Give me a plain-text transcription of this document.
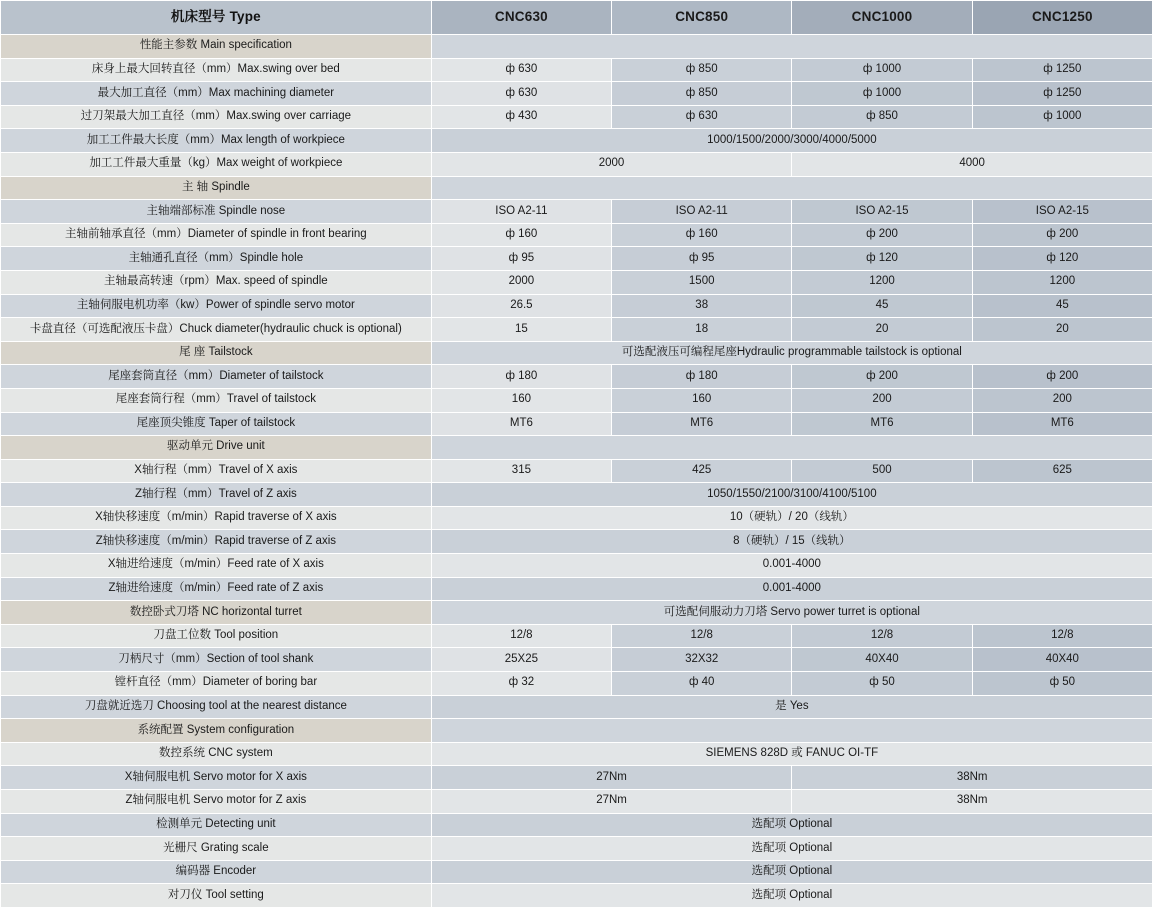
机床型号 Type	CNC630	CNC850	CNC1000	CNC1250
性能主参数 Main specification				

床身上最大回转直径（mm）Max.swing over bed	ф 630	ф 850	ф 1000	ф 1250

最大加工直径（mm）Max machining diameter	ф 630	ф 850	ф 1000	ф 1250

过刀架最大加工直径（mm）Max.swing over carriage	ф 430	ф 630	ф 850	ф 1000

加工工件最大长度（mm）Max length of workpiece	1000/1500/2000/3000/4000/5000			

加工工件最大重量（kg）Max weight of workpiece	2000		4000	
主 轴 Spindle				

主轴端部标准 Spindle nose	ISO A2-11	ISO A2-11	ISO A2-15	ISO A2-15

主轴前轴承直径（mm）Diameter of spindle in front bearing	ф 160	ф 160	ф 200	ф 200

主轴通孔直径（mm）Spindle hole	ф 95	ф 95	ф 120	ф 120

主轴最高转速（rpm）Max. speed of spindle	2000	1500	1200	1200

主轴伺服电机功率（kw）Power of spindle servo motor	26.5	38	45	45

卡盘直径（可选配液压卡盘）Chuck diameter(hydraulic chuck is optional)	15	18	20	20
尾 座 Tailstock	可选配液压可编程尾座Hydraulic programmable tailstock is optional			

尾座套筒直径（mm）Diameter of tailstock	ф 180	ф 180	ф 200	ф 200

尾座套筒行程（mm）Travel of tailstock	160	160	200	200

尾座顶尖锥度 Taper of tailstock	MT6	MT6	MT6	MT6
驱动单元 Drive unit				

X轴行程（mm）Travel of X axis	315	425	500	625

Z轴行程（mm）Travel of Z axis	1050/1550/2100/3100/4100/5100			

X轴快移速度（m/min）Rapid traverse of X axis	10（硬轨）/ 20（线轨）			

Z轴快移速度（m/min）Rapid traverse of Z axis	8（硬轨）/ 15（线轨）			

X轴进给速度（m/min）Feed rate of X axis	0.001-4000			

Z轴进给速度（m/min）Feed rate of Z axis	0.001-4000			
数控卧式刀塔 NC horizontal turret	可选配伺服动力刀塔 Servo power turret is optional			

刀盘工位数 Tool position	12/8	12/8	12/8	12/8

刀柄尺寸（mm）Section of tool shank	25X25	32X32	40X40	40X40

镗杆直径（mm）Diameter of boring bar	ф 32	ф 40	ф 50	ф 50

刀盘就近选刀 Choosing tool at the nearest distance	是 Yes			
系统配置 System configuration				

数控系统 CNC system	SIEMENS 828D 或 FANUC OI-TF			

X轴伺服电机 Servo motor for X axis	27Nm		38Nm	

Z轴伺服电机 Servo motor for Z axis	27Nm		38Nm	

检测单元 Detecting unit	选配项 Optional			

光栅尺 Grating scale	选配项 Optional			

编码器 Encoder	选配项 Optional			

对刀仪 Tool setting	选配项 Optional			
